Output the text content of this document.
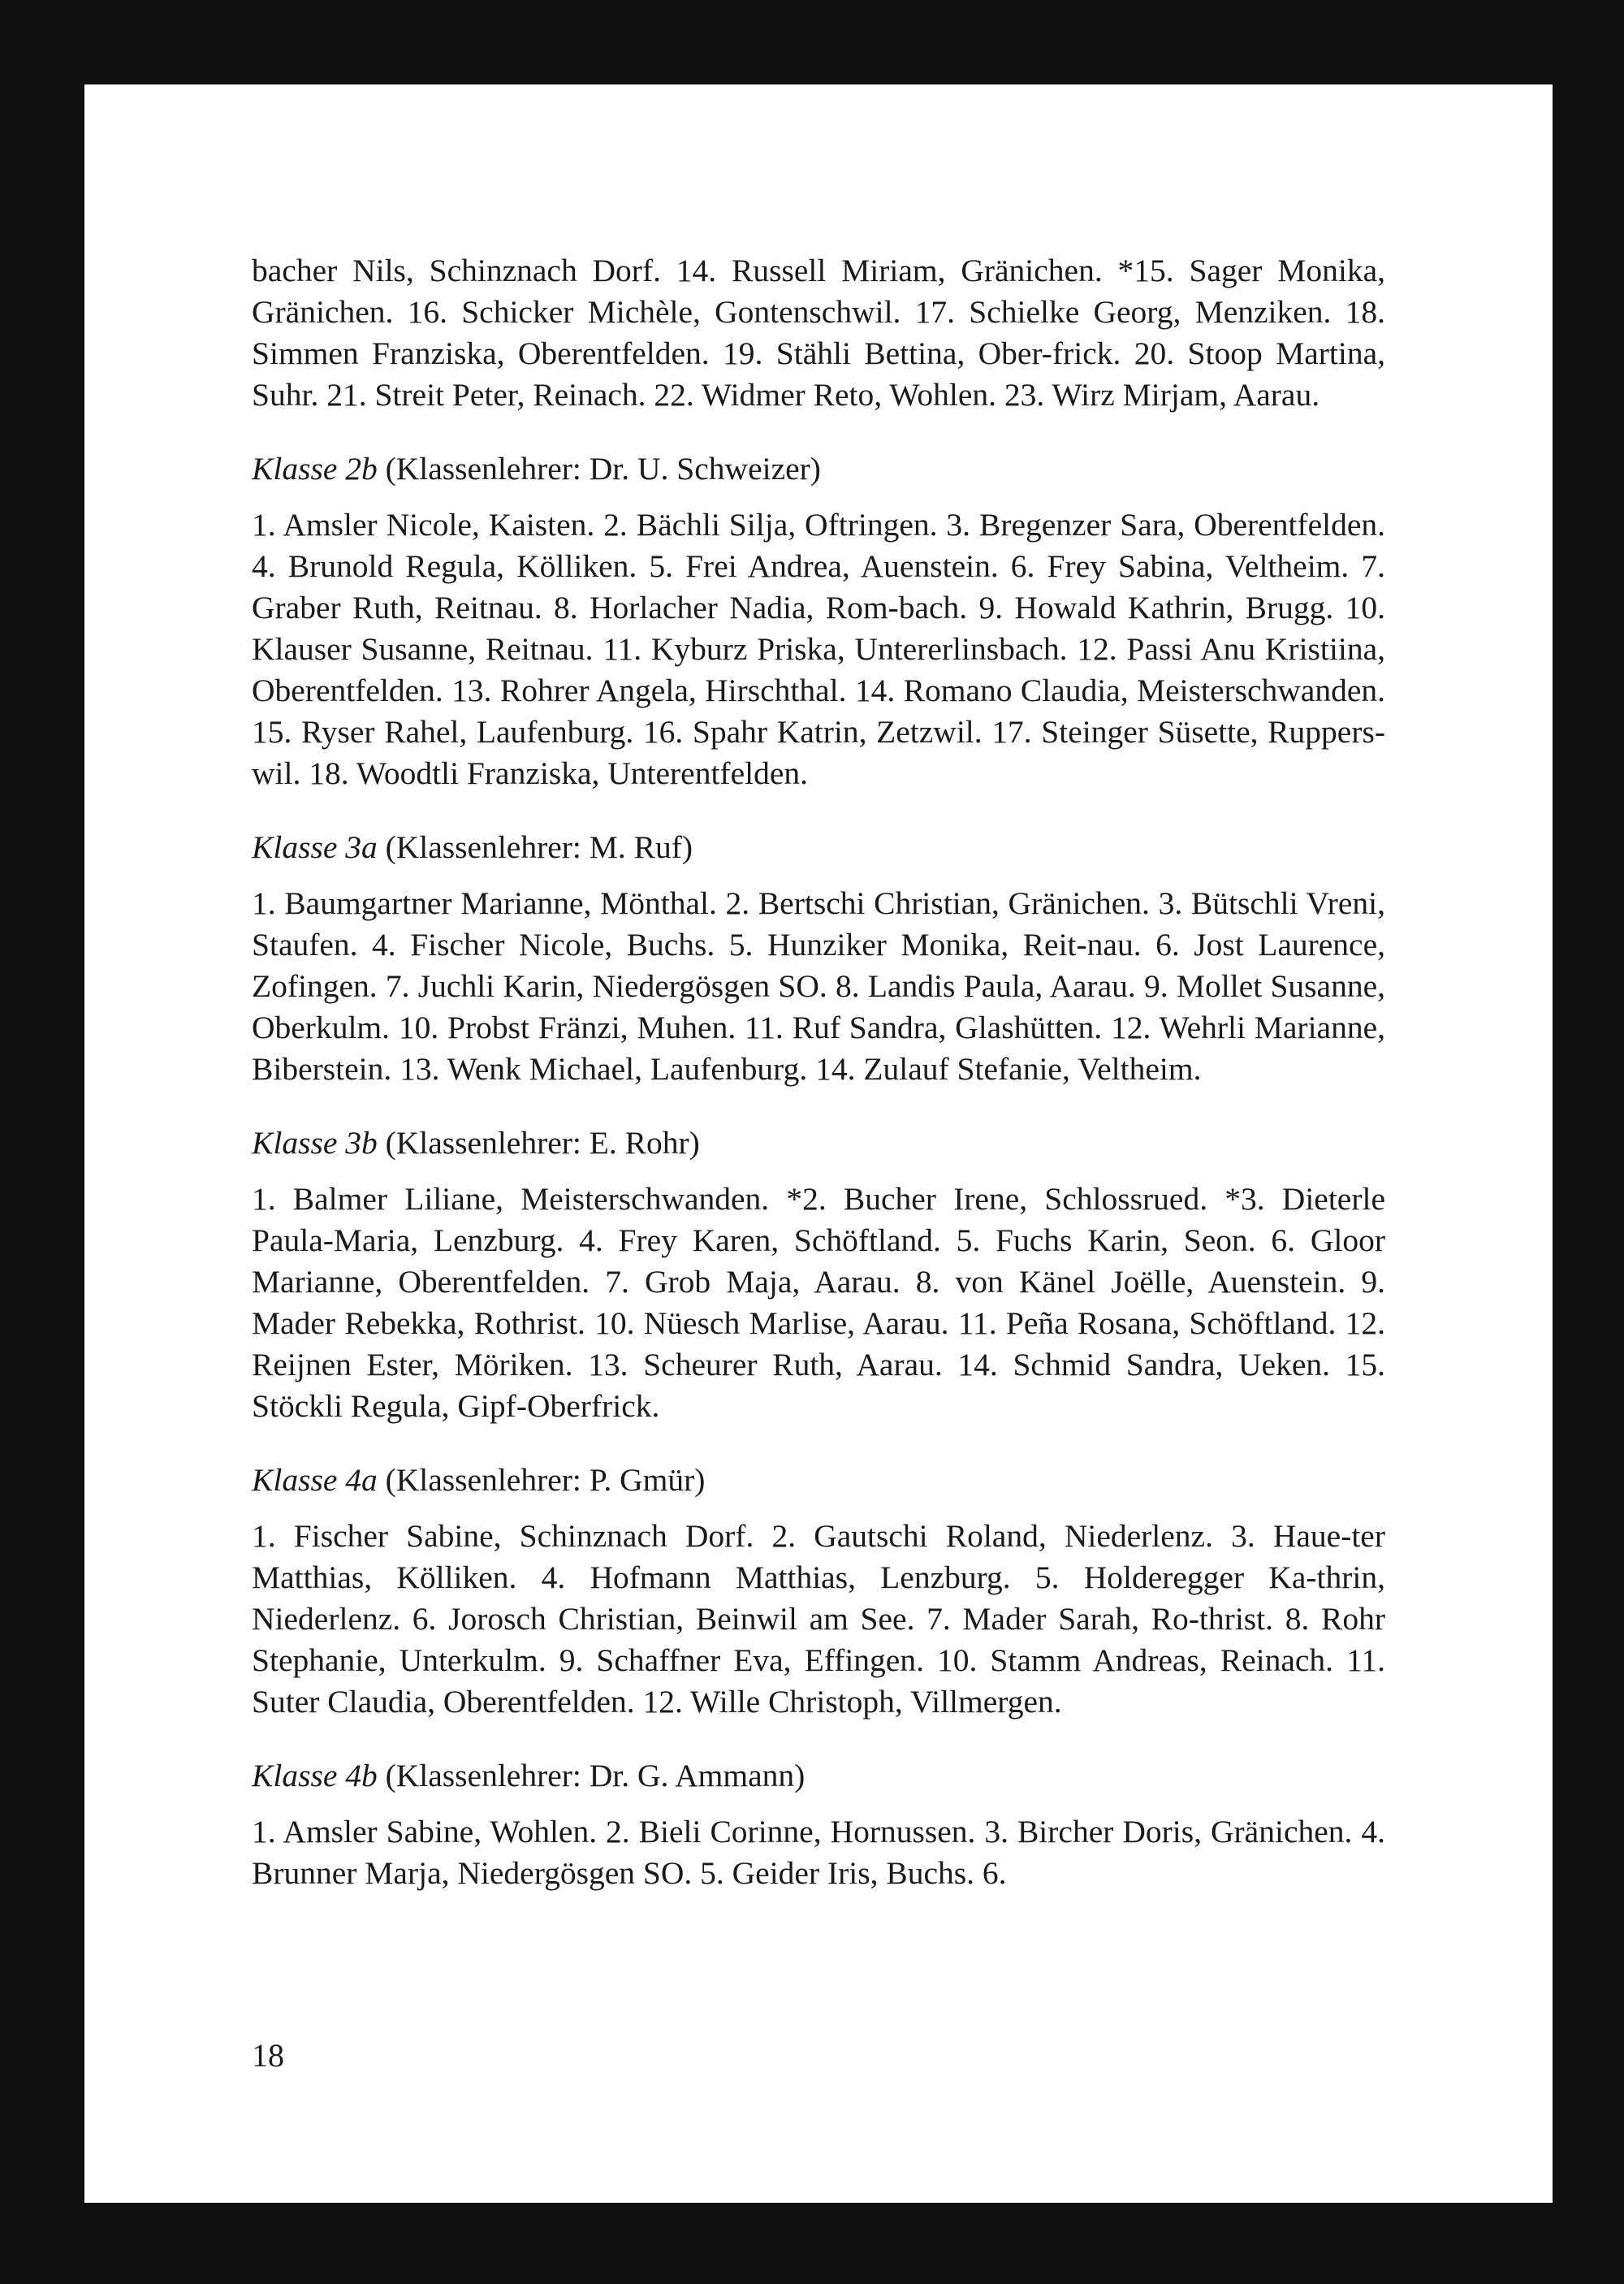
bacher Nils, Schinznach Dorf. 14. Russell Miriam, Gränichen. *15. Sager Monika, Gränichen. 16. Schicker Michèle, Gontenschwil. 17. Schielke Georg, Menziken. 18. Simmen Franziska, Oberentfelden. 19. Stähli Bettina, Ober-frick. 20. Stoop Martina, Suhr. 21. Streit Peter, Reinach. 22. Widmer Reto, Wohlen. 23. Wirz Mirjam, Aarau.

Klasse 2b (Klassenlehrer: Dr. U. Schweizer)

1. Amsler Nicole, Kaisten. 2. Bächli Silja, Oftringen. 3. Bregenzer Sara, Oberentfelden. 4. Brunold Regula, Kölliken. 5. Frei Andrea, Auenstein. 6. Frey Sabina, Veltheim. 7. Graber Ruth, Reitnau. 8. Horlacher Nadia, Rom-bach. 9. Howald Kathrin, Brugg. 10. Klauser Susanne, Reitnau. 11. Kyburz Priska, Untererlinsbach. 12. Passi Anu Kristiina, Oberentfelden. 13. Rohrer Angela, Hirschthal. 14. Romano Claudia, Meisterschwanden. 15. Ryser Rahel, Laufenburg. 16. Spahr Katrin, Zetzwil. 17. Steinger Süsette, Ruppers-wil. 18. Woodtli Franziska, Unterentfelden.

Klasse 3a (Klassenlehrer: M. Ruf)

1. Baumgartner Marianne, Mönthal. 2. Bertschi Christian, Gränichen. 3. Bütschli Vreni, Staufen. 4. Fischer Nicole, Buchs. 5. Hunziker Monika, Reit-nau. 6. Jost Laurence, Zofingen. 7. Juchli Karin, Niedergösgen SO. 8. Landis Paula, Aarau. 9. Mollet Susanne, Oberkulm. 10. Probst Fränzi, Muhen. 11. Ruf Sandra, Glashütten. 12. Wehrli Marianne, Biberstein. 13. Wenk Michael, Laufenburg. 14. Zulauf Stefanie, Veltheim.

Klasse 3b (Klassenlehrer: E. Rohr)

1. Balmer Liliane, Meisterschwanden. *2. Bucher Irene, Schlossrued. *3. Dieterle Paula-Maria, Lenzburg. 4. Frey Karen, Schöftland. 5. Fuchs Karin, Seon. 6. Gloor Marianne, Oberentfelden. 7. Grob Maja, Aarau. 8. von Känel Joëlle, Auenstein. 9. Mader Rebekka, Rothrist. 10. Nüesch Marlise, Aarau. 11. Peña Rosana, Schöftland. 12. Reijnen Ester, Möriken. 13. Scheurer Ruth, Aarau. 14. Schmid Sandra, Ueken. 15. Stöckli Regula, Gipf-Oberfrick.

Klasse 4a (Klassenlehrer: P. Gmür)

1. Fischer Sabine, Schinznach Dorf. 2. Gautschi Roland, Niederlenz. 3. Haue-ter Matthias, Kölliken. 4. Hofmann Matthias, Lenzburg. 5. Holderegger Ka-thrin, Niederlenz. 6. Jorosch Christian, Beinwil am See. 7. Mader Sarah, Ro-thrist. 8. Rohr Stephanie, Unterkulm. 9. Schaffner Eva, Effingen. 10. Stamm Andreas, Reinach. 11. Suter Claudia, Oberentfelden. 12. Wille Christoph, Villmergen.

Klasse 4b (Klassenlehrer: Dr. G. Ammann)

1. Amsler Sabine, Wohlen. 2. Bieli Corinne, Hornussen. 3. Bircher Doris, Gränichen. 4. Brunner Marja, Niedergösgen SO. 5. Geider Iris, Buchs. 6.

18
